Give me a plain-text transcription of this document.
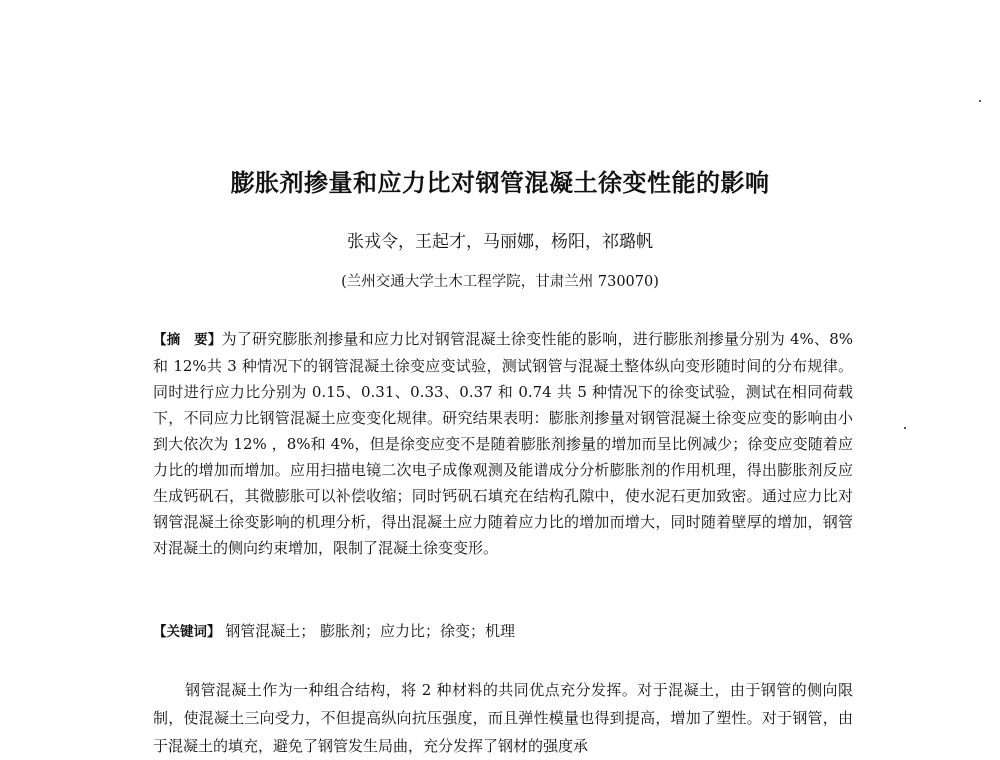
膨胀剂掺量和应力比对钢管混凝土徐变性能的影响
张戎令，王起才，马丽娜，杨阳，祁璐帆
(兰州交通大学土木工程学院，甘肃兰州 730070)
【摘　要】为了研究膨胀剂掺量和应力比对钢管混凝土徐变性能的影响，进行膨胀剂掺量分别为 4%、8%和 12%共 3 种情况下的钢管混凝土徐变应变试验，测试钢管与混凝土整体纵向变形随时间的分布规律。同时进行应力比分别为 0.15、0.31、0.33、0.37 和 0.74 共 5 种情况下的徐变试验，测试在相同荷载下，不同应力比钢管混凝土应变变化规律。研究结果表明：膨胀剂掺量对钢管混凝土徐变应变的影响由小到大依次为 12% ，8%和 4%，但是徐变应变不是随着膨胀剂掺量的增加而呈比例减少；徐变应变随着应力比的增加而增加。应用扫描电镜二次电子成像观测及能谱成分分析膨胀剂的作用机理，得出膨胀剂反应生成钙矾石，其微膨胀可以补偿收缩；同时钙矾石填充在结构孔隙中，使水泥石更加致密。通过应力比对钢管混凝土徐变影响的机理分析，得出混凝土应力随着应力比的增加而增大，同时随着壁厚的增加，钢管对混凝土的侧向约束增加，限制了混凝土徐变变形。
【关键词】 钢管混凝土； 膨胀剂；应力比；徐变；机理
钢管混凝土作为一种组合结构，将 2 种材料的共同优点充分发挥。对于混凝土，由于钢管的侧向限制，使混凝土三向受力，不但提高纵向抗压强度，而且弹性模量也得到提高，增加了塑性。对于钢管，由于混凝土的填充，避免了钢管发生局曲，充分发挥了钢材的强度承
